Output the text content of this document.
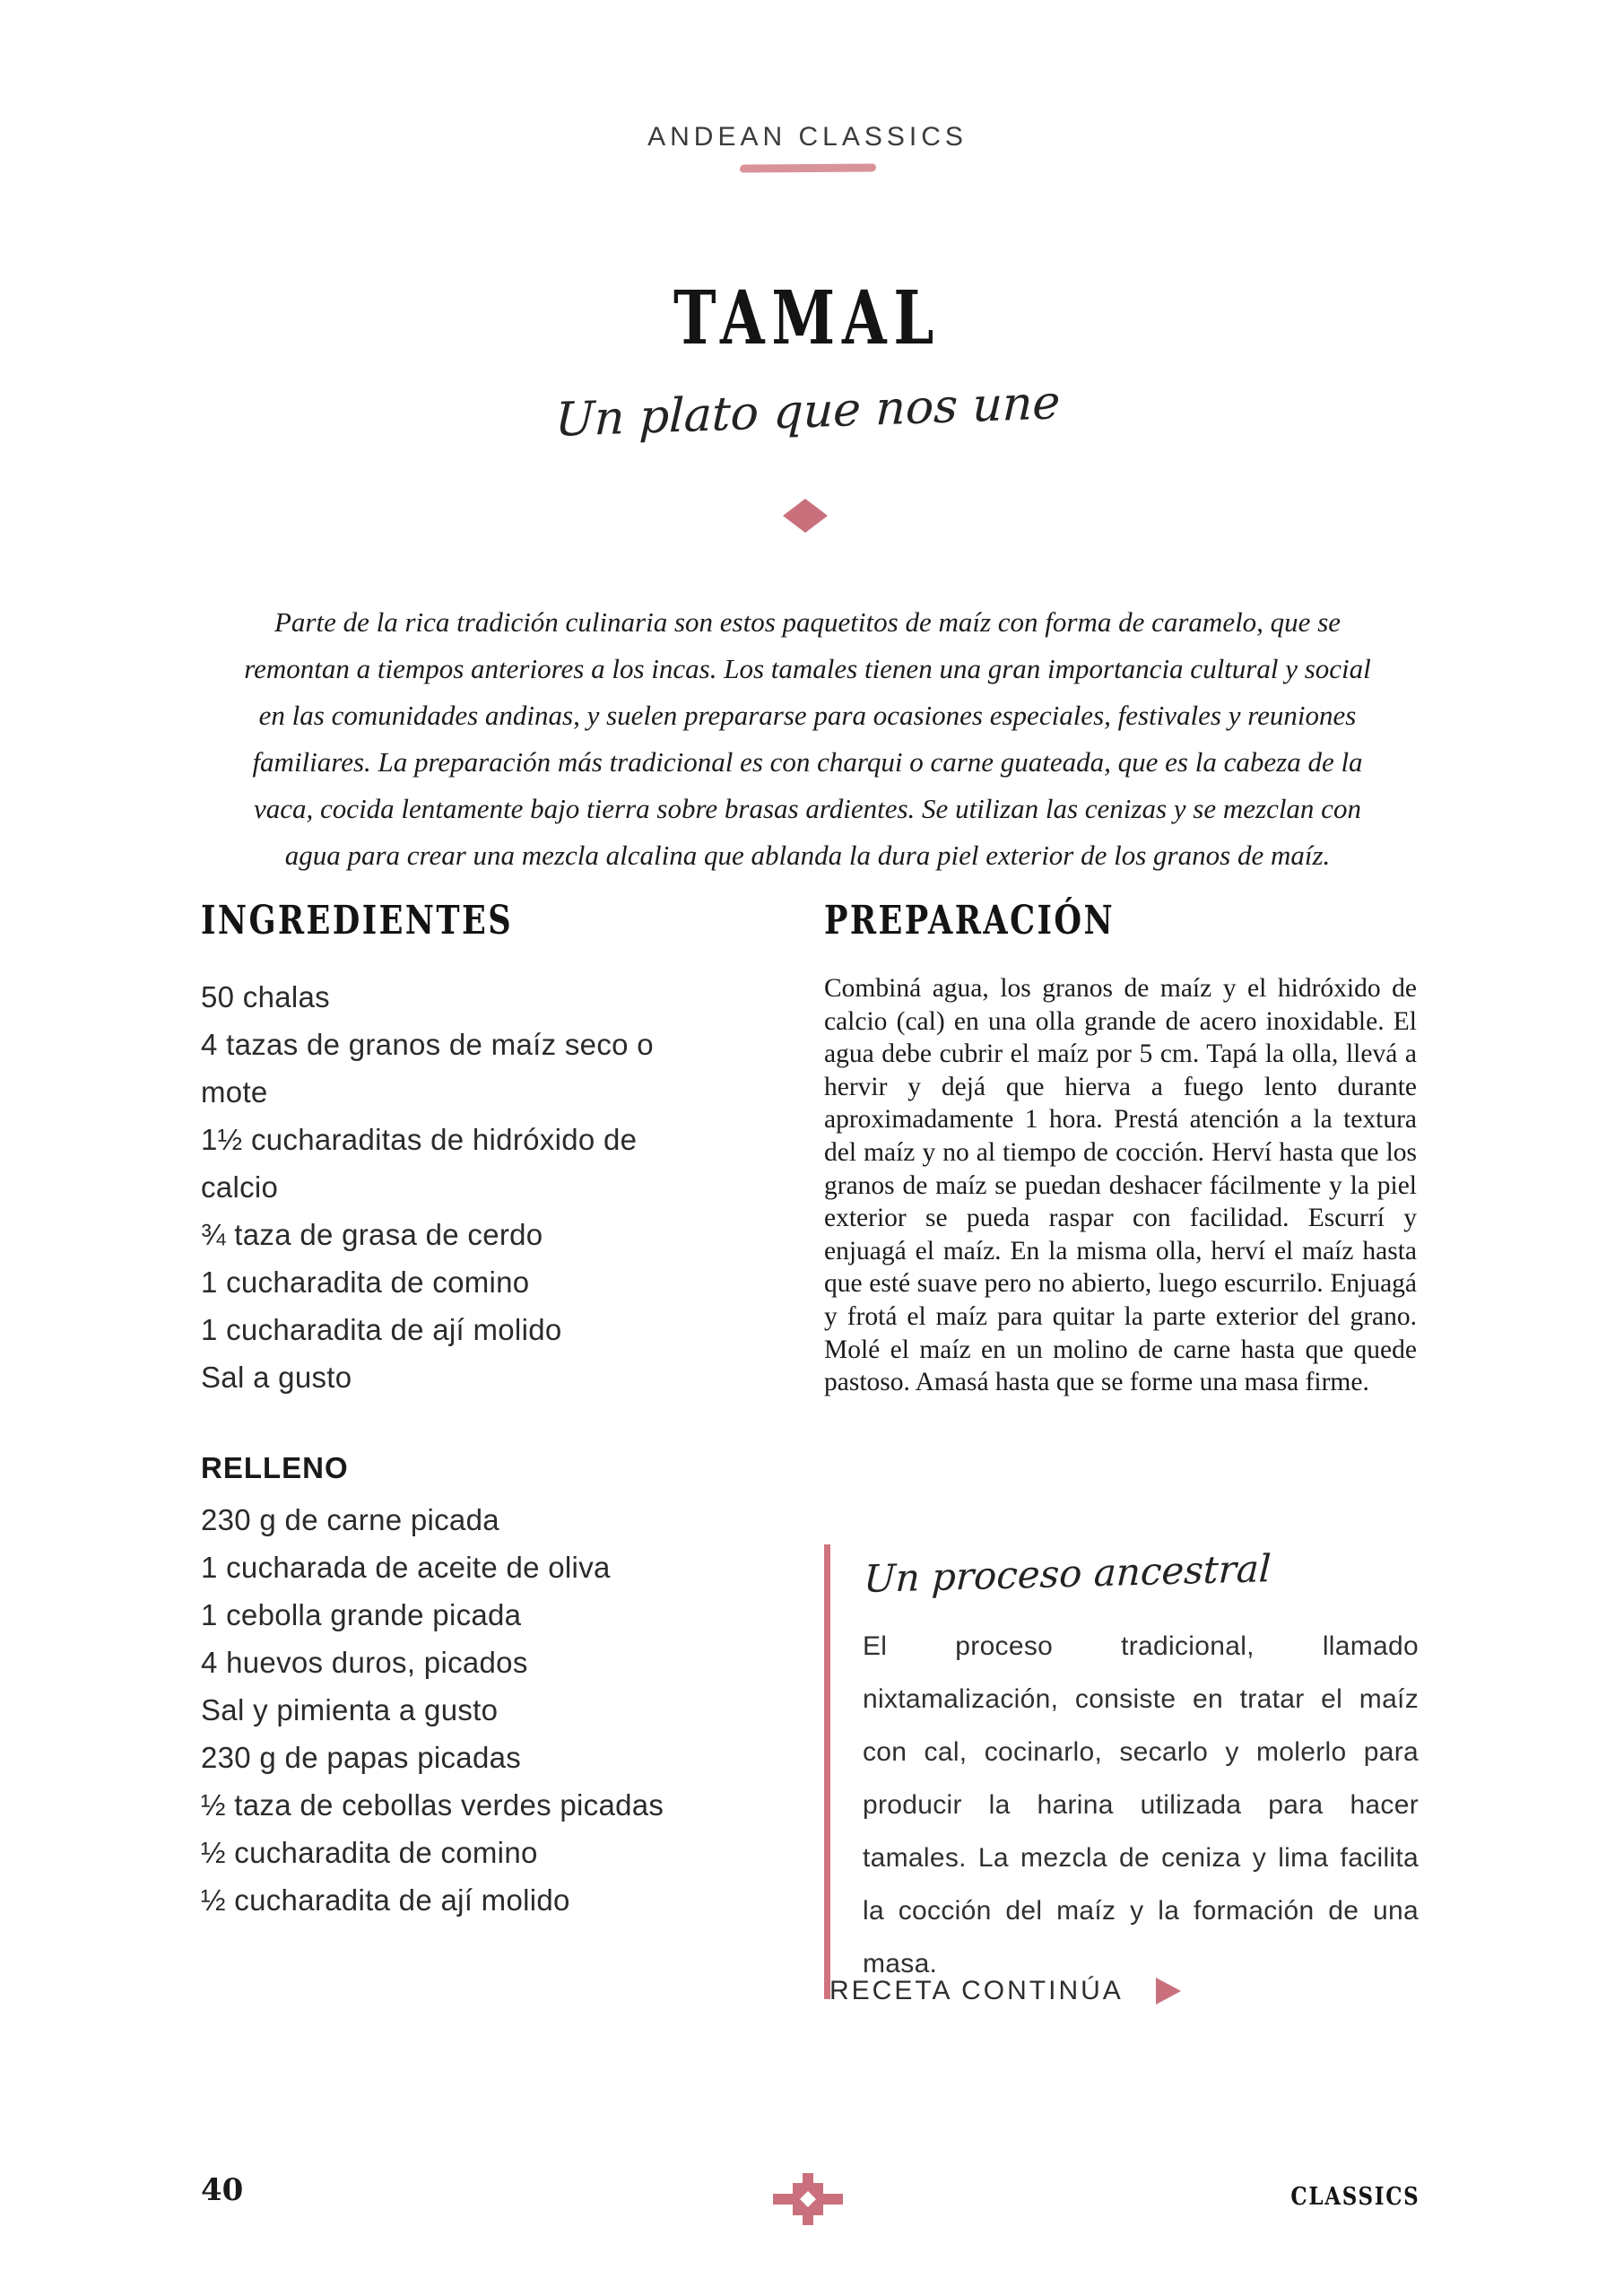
ANDEAN CLASSICS
TAMAL
Un plato que nos une
Parte de la rica tradición culinaria son estos paquetitos de maíz con forma de caramelo, que se remontan a tiempos anteriores a los incas. Los tamales tienen una gran importancia cultural y social en las comunidades andinas, y suelen prepararse para ocasiones especiales, festivales y reuniones familiares. La preparación más tradicional es con charqui o carne guateada, que es la cabeza de la vaca, cocida lentamente bajo tierra sobre brasas ardientes. Se utilizan las cenizas y se mezclan con agua para crear una mezcla alcalina que ablanda la dura piel exterior de los granos de maíz.
INGREDIENTES
50 chalas
4 tazas de granos de maíz seco o mote
1½ cucharaditas de hidróxido de calcio
¾ taza de grasa de cerdo
1 cucharadita de comino
1 cucharadita de ají molido
Sal a gusto
RELLENO
230 g de carne picada
1 cucharada de aceite de oliva
1 cebolla grande picada
4 huevos duros, picados
Sal y pimienta a gusto
230 g de papas picadas
½ taza de cebollas verdes picadas
½ cucharadita de comino
½ cucharadita de ají molido
PREPARACIÓN
Combiná agua, los granos de maíz y el hidróxido de calcio (cal) en una olla grande de acero inoxidable. El agua debe cubrir el maíz por 5 cm. Tapá la olla, llevá a hervir y dejá que hierva a fuego lento durante aproximadamente 1 hora. Prestá atención a la textura del maíz y no al tiempo de cocción. Herví hasta que los granos de maíz se puedan deshacer fácilmente y la piel exterior se pueda raspar con facilidad. Escurrí y enjuagá el maíz. En la misma olla, herví el maíz hasta que esté suave pero no abierto, luego escurrilo. Enjuagá y frotá el maíz para quitar la parte exterior del grano. Molé el maíz en un molino de carne hasta que quede pastoso. Amasá hasta que se forme una masa firme.
Un proceso ancestral
El proceso tradicional, llamado nixtamalización, consiste en tratar el maíz con cal, cocinarlo, secarlo y molerlo para producir la harina utilizada para hacer tamales. La mezcla de ceniza y lima facilita la cocción del maíz y la formación de una masa.
RECETA CONTINÚA
40	CLASSICS
